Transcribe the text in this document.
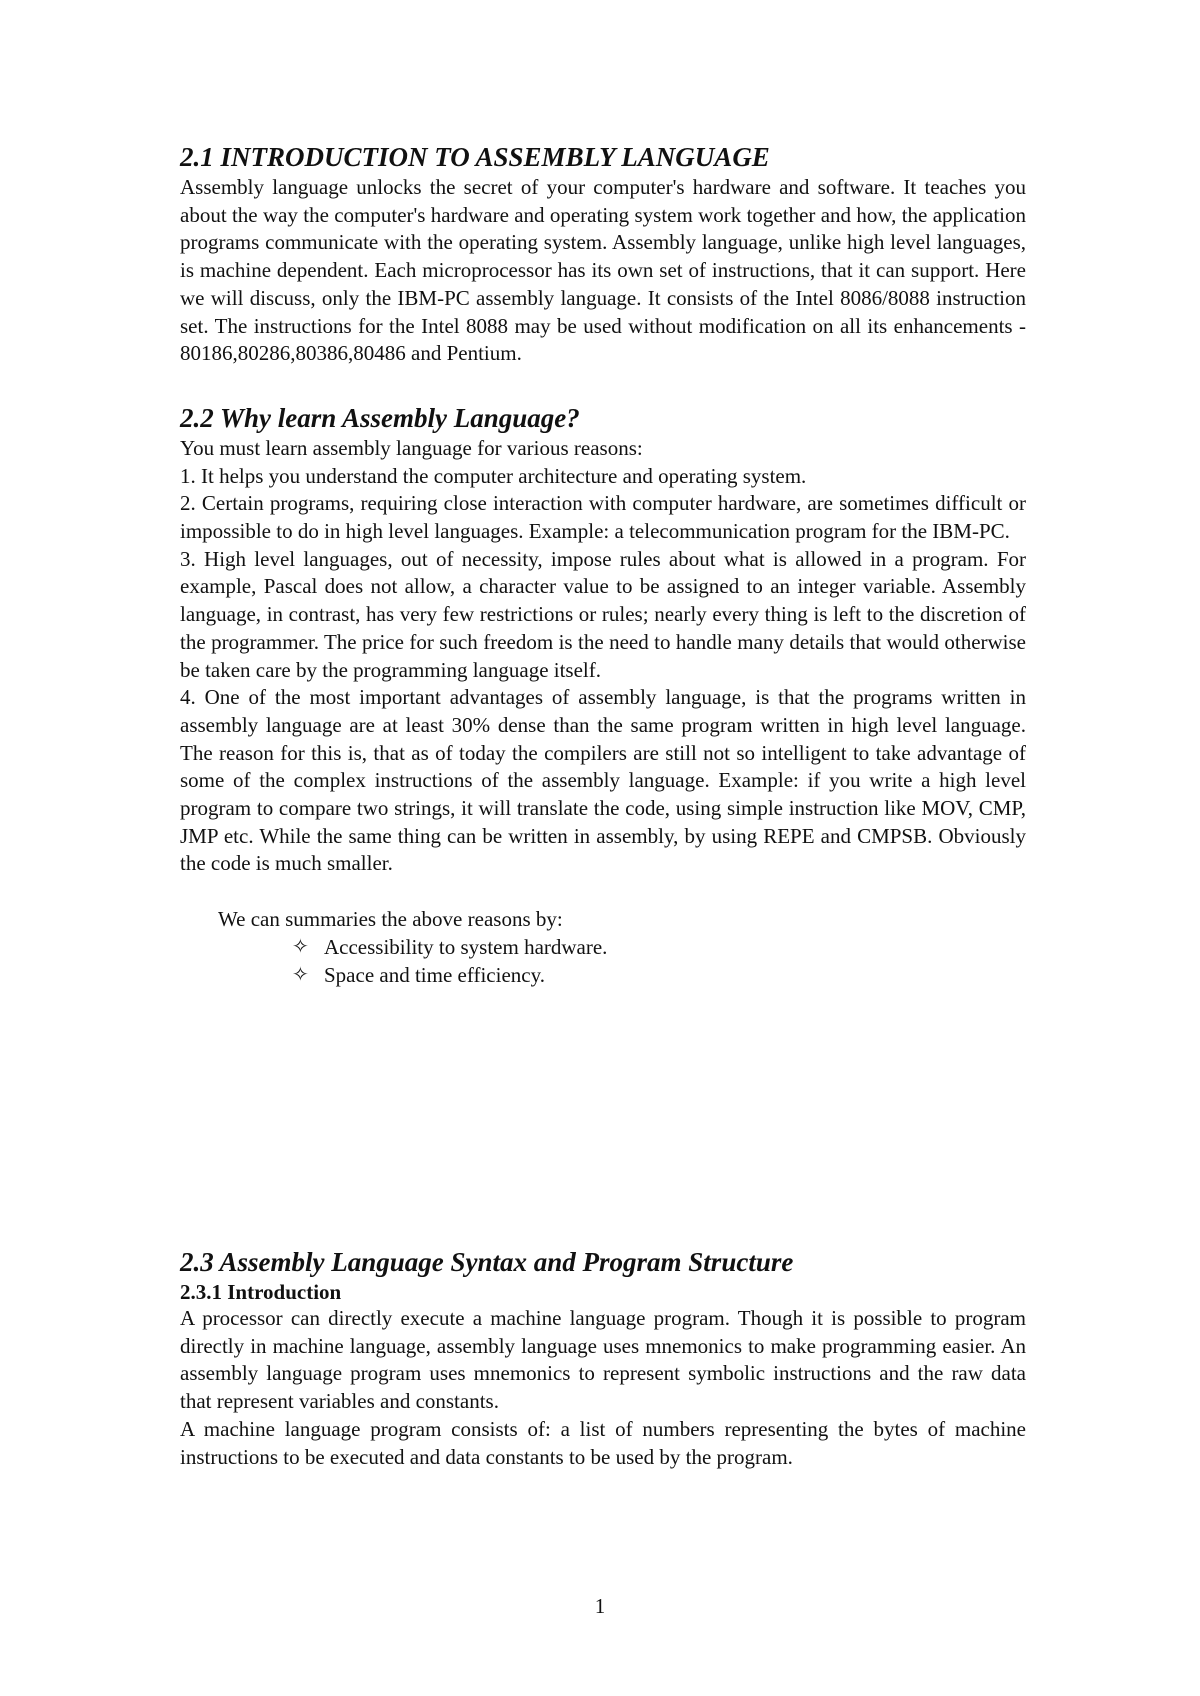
2.1 INTRODUCTION TO ASSEMBLY LANGUAGE

Assembly language unlocks the secret of your computer's hardware and software. It teaches you about the way the computer's hardware and operating system work together and how, the application programs communicate with the operating system. Assembly language, unlike high level languages, is machine dependent. Each microprocessor has its own set of instructions, that it can support. Here we will discuss, only the IBM-PC assembly language. It consists of the Intel 8086/8088 instruction set. The instructions for the Intel 8088 may be used without modification on all its enhancements - 80186,80286,80386,80486 and Pentium.

2.2 Why learn Assembly Language?

You must learn assembly language for various reasons:

1. It helps you understand the computer architecture and operating system.

2. Certain programs, requiring close interaction with computer hardware, are sometimes difficult or impossible to do in high level languages. Example: a telecommunication program for the IBM-PC.

3. High level languages, out of necessity, impose rules about what is allowed in a program. For example, Pascal does not allow, a character value to be assigned to an integer variable. Assembly language, in contrast, has very few restrictions or rules; nearly every thing is left to the discretion of the programmer. The price for such freedom is the need to handle many details that would otherwise be taken care by the programming language itself.

4. One of the most important advantages of assembly language, is that the programs written in assembly language are at least 30% dense than the same program written in high level language. The reason for this is, that as of today the compilers are still not so intelligent to take advantage of some of the complex instructions of the assembly language. Example: if you write a high level program to compare two strings, it will translate the code, using simple instruction like MOV, CMP, JMP etc. While the same thing can be written in assembly, by using REPE and CMPSB. Obviously the code is much smaller.

We can summaries the above reasons by:

✧ Accessibility to system hardware.
✧ Space and time efficiency.
2.3 Assembly Language Syntax and Program Structure
2.3.1 Introduction

A processor can directly execute a machine language program. Though it is possible to program directly in machine language, assembly language uses mnemonics to make programming easier. An assembly language program uses mnemonics to represent symbolic instructions and the raw data that represent variables and constants.

A machine language program consists of: a list of numbers representing the bytes of machine instructions to be executed and data constants to be used by the program.

1
